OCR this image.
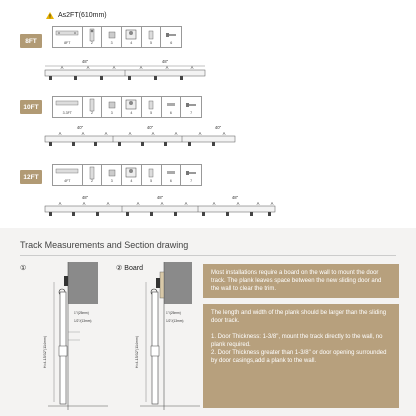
As2FT(610mm)
8FT	8FT	2	3	4	5	6
48"	48"
A	A	A	A	A	A
10FT
3.3FT	2	3	4	5	6	7
40"	40"	40"
A	A	A	A	A	A	A	A
12FT
4FT	2	3	4	5	6	7
48"	48"	48"
A	A	A	A	A	A	A	A	A	A
Track Measurements and Section drawing
①
H=4-15/32"(114mm)
1"/(25mm)
1/2"/(13mm)
② Board
H=4-15/32"(114mm)
1"/(25mm)
1/2"/(13mm)

Most installations require a board on the wall to mount the door track. The plank leaves space between the new sliding door and the wall to clear the trim.

The length and width of the plank should be larger than the sliding door track.

1. Door Thickness: 1-3/8", mount the track directly to the wall, no plank required.

2. Door Thickness greater than 1-3/8" or door opening surrounded by door casings,add a plank to the wall.
